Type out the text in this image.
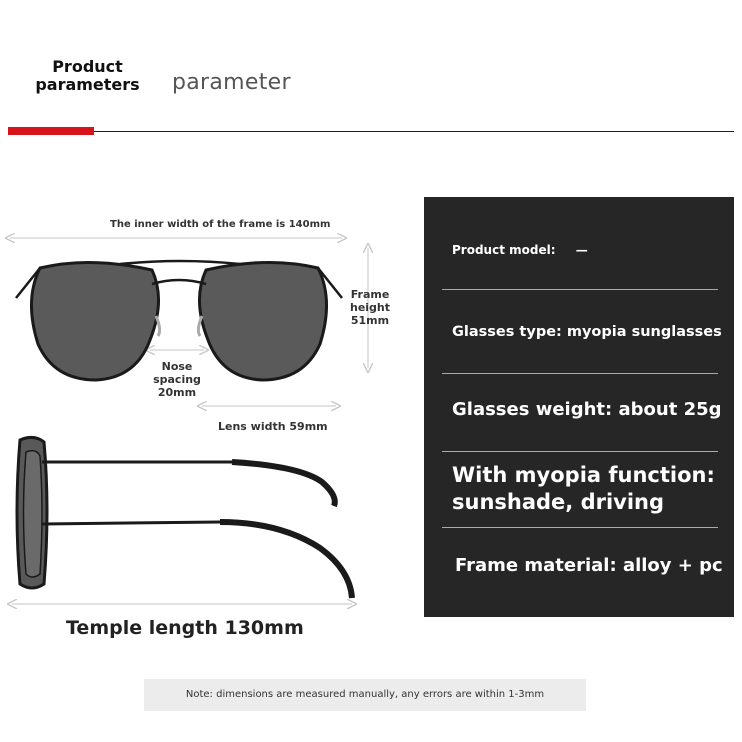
Product
parameters parameter
The inner width of the frame is 140mm
Frame
height
51mm
Nose
spacing
20mm
Lens width 59mm
Temple length 130mm
Product model: —
Glasses type: myopia sunglasses
Glasses weight: about 25g
With myopia function:
sunshade, driving
Frame material: alloy + pc
Note: dimensions are measured manually, any errors are within 1-3mm
